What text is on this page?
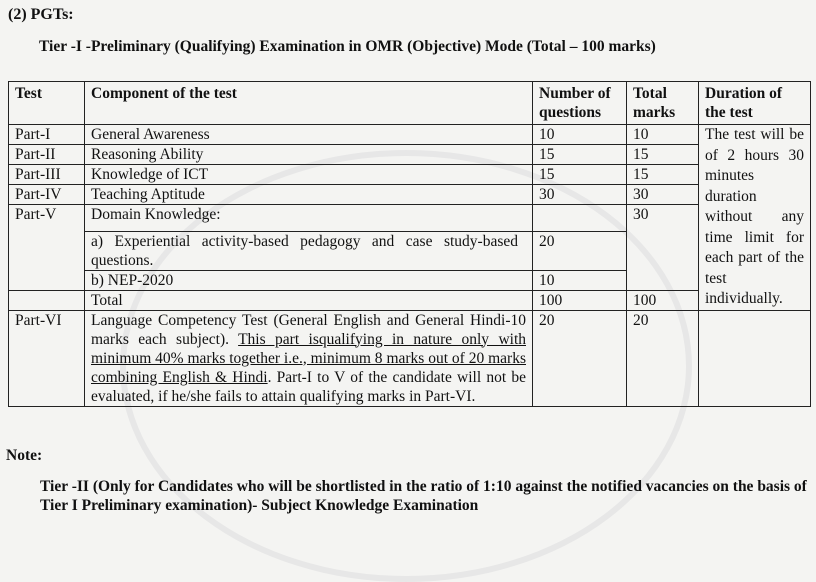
(2) PGTs:
Tier -I -Preliminary (Qualifying) Examination in OMR (Objective) Mode (Total – 100 marks)
Test	Component of the test	Number of questions	Total marks	Duration of the test
Part-I	General Awareness	10	10	The test will be of 2 hours 30 minutes duration without any time limit for each part of the test individually.
Part-II	Reasoning Ability	15	15	
Part-III	Knowledge of ICT	15	15	
Part-IV	Teaching Aptitude	30	30	
Part-V	Domain Knowledge:		30	
	a) Experiential activity-based pedagogy and case study-based questions.	20		
	b) NEP-2020	10		
	Total	100	100	
Part-VI	Language Competency Test (General English and General Hindi-10 marks each subject). This part isqualifying in nature only with minimum 40% marks together i.e., minimum 8 marks out of 20 marks combining English & Hindi. Part-I to V of the candidate will not be evaluated, if he/she fails to attain qualifying marks in Part-VI.	20	20	
Note:
Tier -II (Only for Candidates who will be shortlisted in the ratio of 1:10 against the notified vacancies on the basis of Tier I Preliminary examination)- Subject Knowledge Examination
